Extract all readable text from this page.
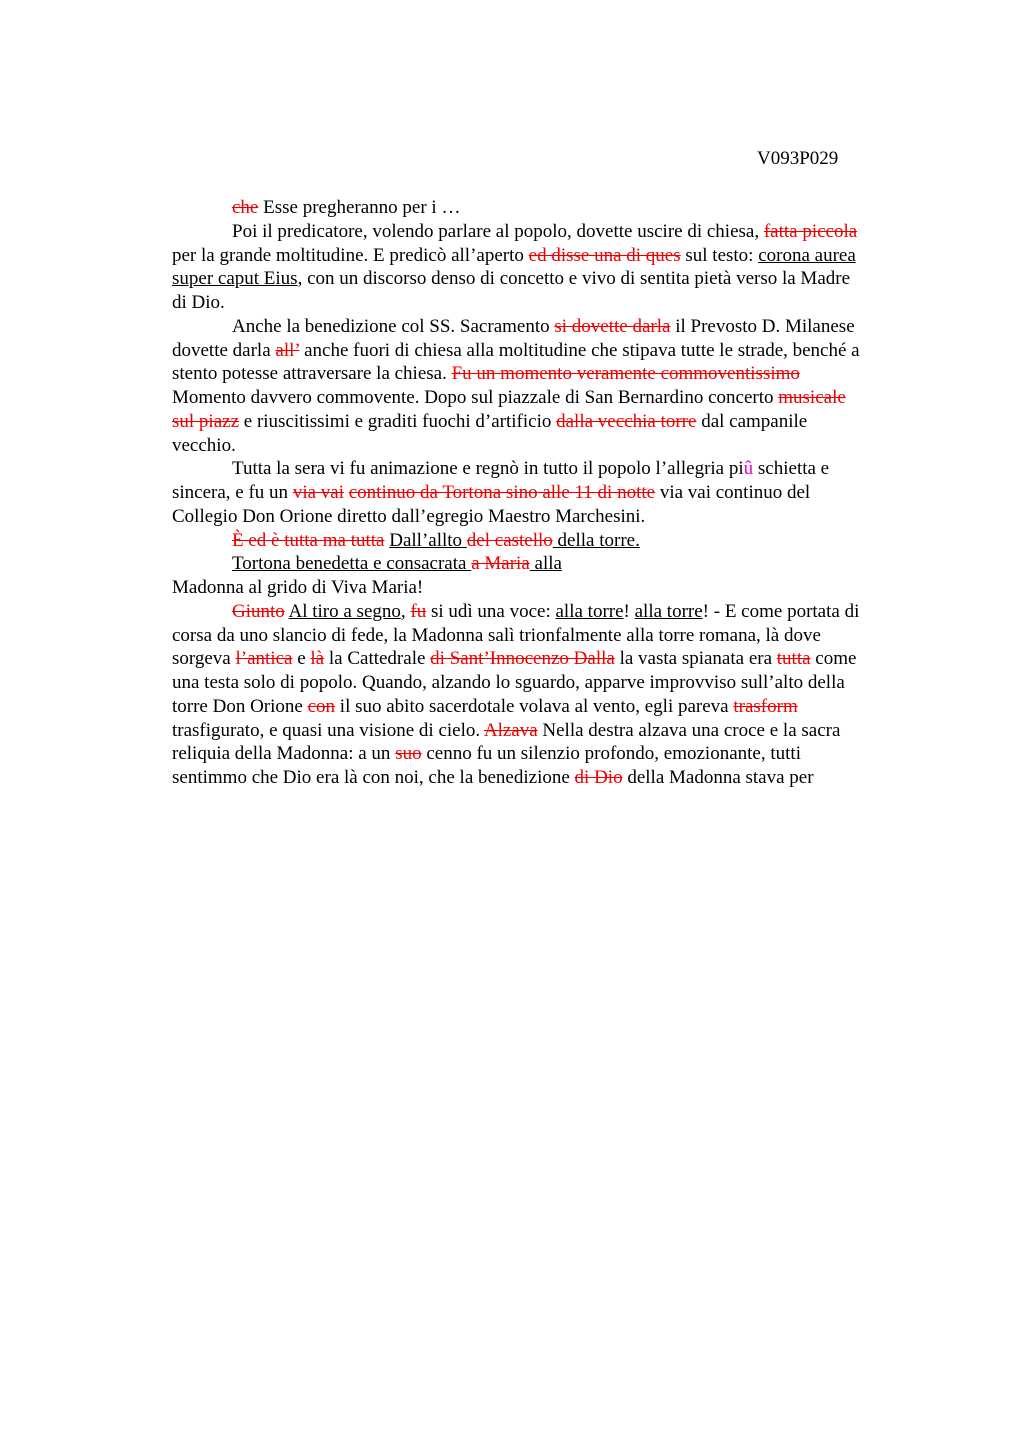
V093P029
che Esse pregheranno per i …
Poi il predicatore, volendo parlare al popolo, dovette uscire di chiesa, fatta piccola
per la grande moltitudine. E predicò all’aperto ed disse una di ques sul testo: corona aurea
super caput Eius, con un discorso denso di concetto e vivo di sentita pietà verso la Madre
di Dio.
Anche la benedizione col SS. Sacramento si dovette darla il Prevosto D. Milanese
dovette darla all’ anche fuori di chiesa alla moltitudine che stipava tutte le strade, benché a
stento potesse attraversare la chiesa. Fu un momento veramente commoventissimo
Momento davvero commovente. Dopo sul piazzale di San Bernardino concerto musicale
sul piazz e riuscitissimi e graditi fuochi d’artificio dalla vecchia torre dal campanile
vecchio.
Tutta la sera vi fu animazione e regnò in tutto il popolo l’allegria piû schietta e
sincera, e fu un via vai continuo da Tortona sino alle 11 di notte via vai continuo del
Collegio Don Orione diretto dall’egregio Maestro Marchesini.
È ed è tutta ma tutta Dall’allto del castello della torre.
Tortona benedetta e consacrata a Maria alla
Madonna al grido di Viva Maria!
Giunto Al tiro a segno, fu si udì una voce: alla torre! alla torre! - E come portata di
corsa da uno slancio di fede, la Madonna salì trionfalmente alla torre romana, là dove
sorgeva l’antica e là la Cattedrale di Sant’Innocenzo Dalla la vasta spianata era tutta come
una testa solo di popolo. Quando, alzando lo sguardo, apparve improvviso sull’alto della
torre Don Orione con il suo abito sacerdotale volava al vento, egli pareva trasform
trasfigurato, e quasi una visione di cielo. Alzava Nella destra alzava una croce e la sacra
reliquia della Madonna: a un suo cenno fu un silenzio profondo, emozionante, tutti
sentimmo che Dio era là con noi, che la benedizione di Dio della Madonna stava per
